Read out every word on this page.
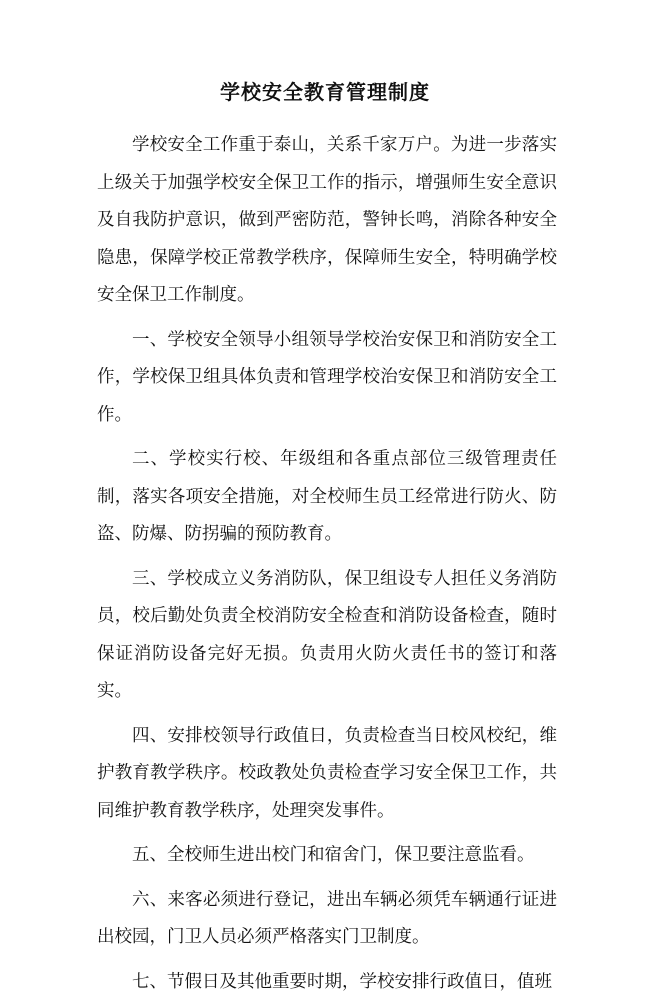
学校安全教育管理制度

学校安全工作重于泰山，关系千家万户。为进一步落实上级关于加强学校安全保卫工作的指示，增强师生安全意识及自我防护意识，做到严密防范，警钟长鸣，消除各种安全隐患，保障学校正常教学秩序，保障师生安全，特明确学校安全保卫工作制度。

一、学校安全领导小组领导学校治安保卫和消防安全工作，学校保卫组具体负责和管理学校治安保卫和消防安全工作。

二、学校实行校、年级组和各重点部位三级管理责任制，落实各项安全措施，对全校师生员工经常进行防火、防盗、防爆、防拐骗的预防教育。

三、学校成立义务消防队，保卫组设专人担任义务消防员，校后勤处负责全校消防安全检查和消防设备检查，随时保证消防设备完好无损。负责用火防火责任书的签订和落实。

四、安排校领导行政值日，负责检查当日校风校纪，维护教育教学秩序。校政教处负责检查学习安全保卫工作，共同维护教育教学秩序，处理突发事件。

五、全校师生进出校门和宿舍门，保卫要注意监看。

六、来客必须进行登记，进出车辆必须凭车辆通行证进出校园，门卫人员必须严格落实门卫制度。

七、节假日及其他重要时期，学校安排行政值日，值班
